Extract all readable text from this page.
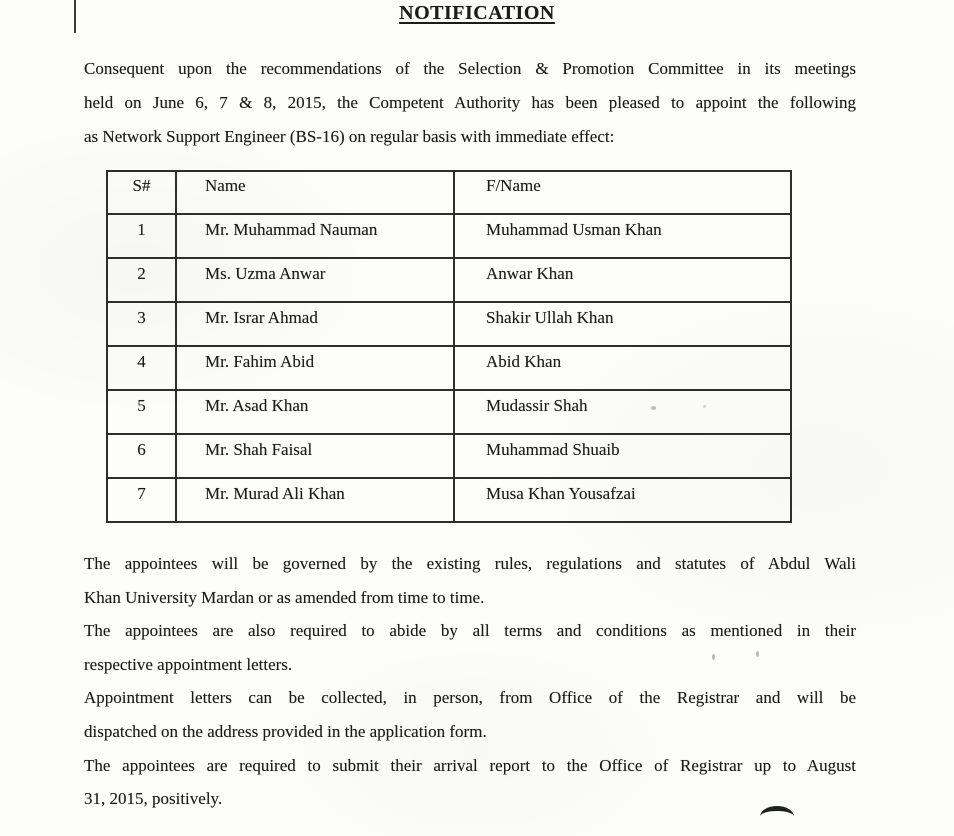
NOTIFICATION
Consequent upon the recommendations of the Selection & Promotion Committee in its meetings
held on June 6, 7 & 8, 2015, the Competent Authority has been pleased to appoint the following
as Network Support Engineer (BS-16) on regular basis with immediate effect:
S#	Name	F/Name
1	Mr. Muhammad Nauman	Muhammad Usman Khan
2	Ms. Uzma Anwar	Anwar Khan
3	Mr. Israr Ahmad	Shakir Ullah Khan
4	Mr. Fahim Abid	Abid Khan
5	Mr. Asad Khan	Mudassir Shah
6	Mr. Shah Faisal	Muhammad Shuaib
7	Mr. Murad Ali Khan	Musa Khan Yousafzai
The appointees will be governed by the existing rules, regulations and statutes of Abdul Wali
Khan University Mardan or as amended from time to time.
The appointees are also required to abide by all terms and conditions as mentioned in their
respective appointment letters.
Appointment letters can be collected, in person, from Office of the Registrar and will be
dispatched on the address provided in the application form.
The appointees are required to submit their arrival report to the Office of Registrar up to August
31, 2015, positively.
